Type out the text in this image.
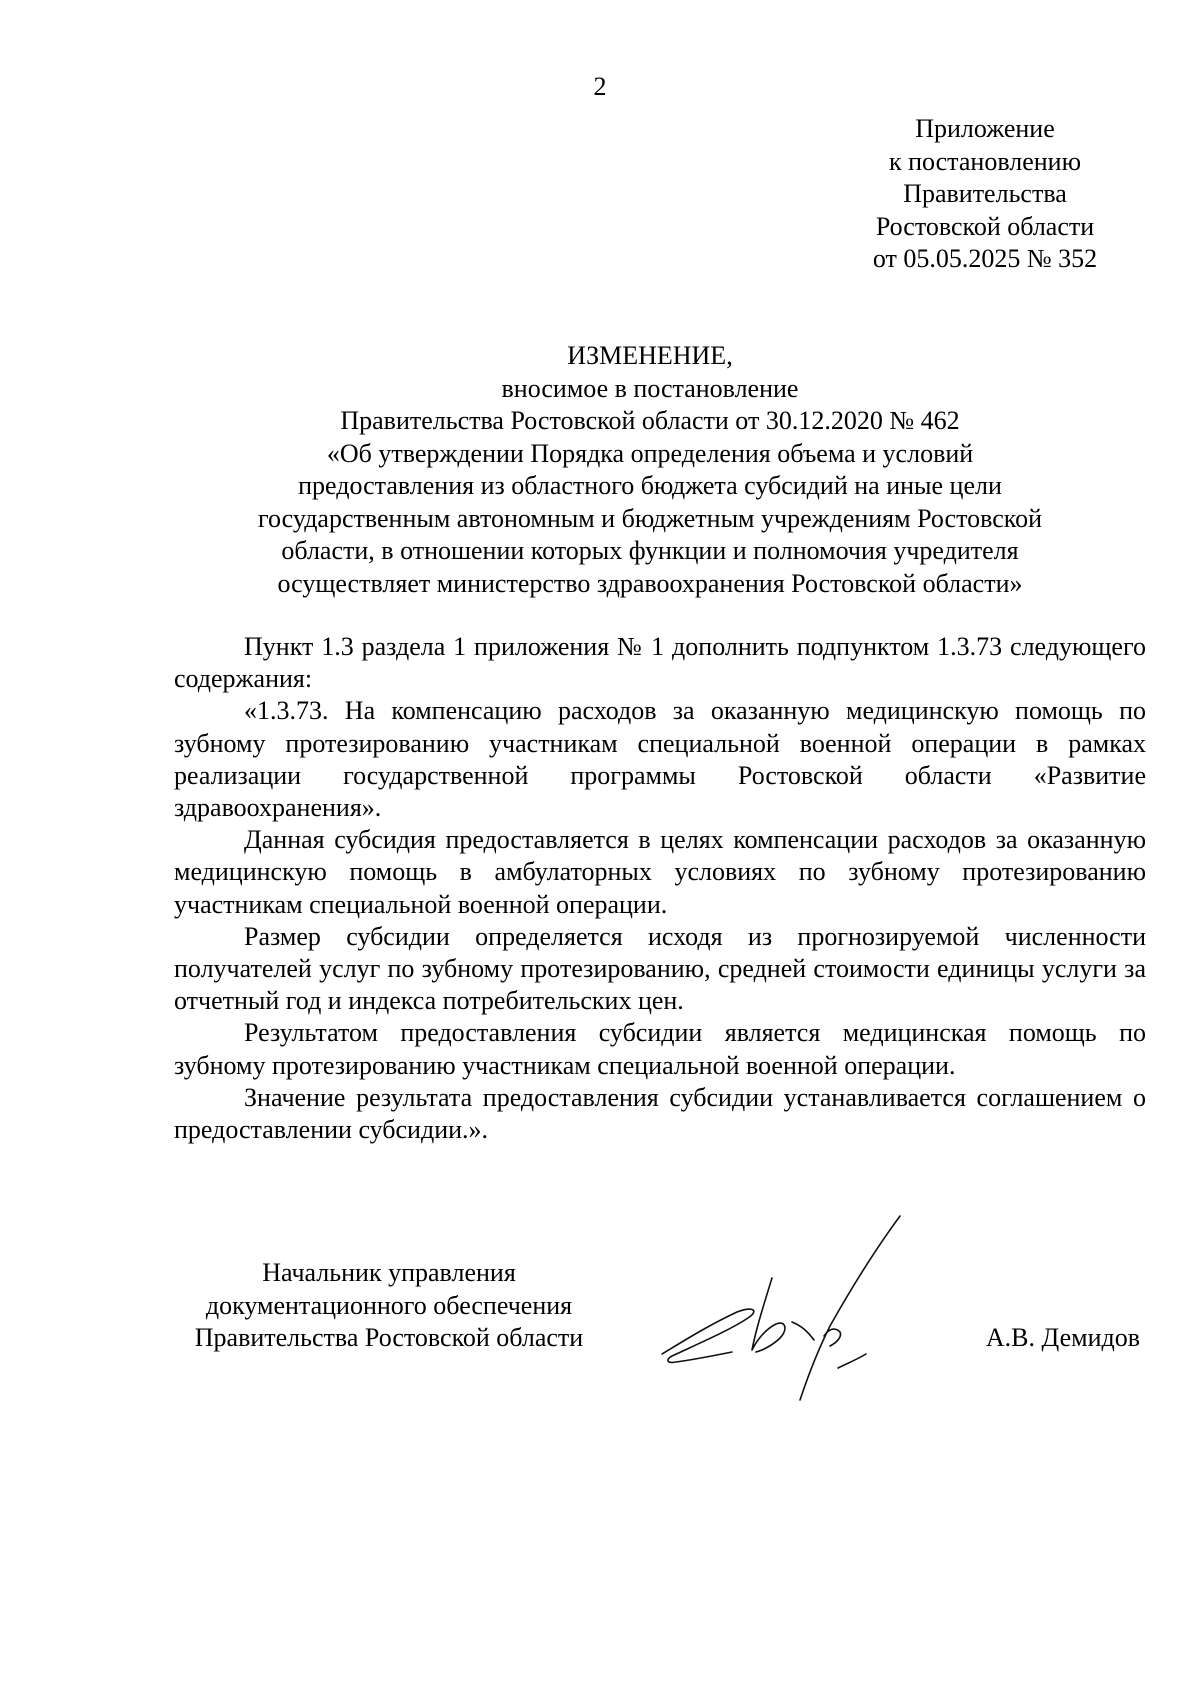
2
Приложение
к постановлению
Правительства
Ростовской области
от 05.05.2025 № 352
ИЗМЕНЕНИЕ,
вносимое в постановление
Правительства Ростовской области от 30.12.2020 № 462
«Об утверждении Порядка определения объема и условий
предоставления из областного бюджета субсидий на иные цели
государственным автономным и бюджетным учреждениям Ростовской
области, в отношении которых функции и полномочия учредителя
осуществляет министерство здравоохранения Ростовской области»

Пункт 1.3 раздела 1 приложения № 1 дополнить подпунктом 1.3.73 следующего содержания:

«1.3.73. На компенсацию расходов за оказанную медицинскую помощь по зубному протезированию участникам специальной военной операции в рамках реализации государственной программы Ростовской области «Развитие здравоохранения».

Данная субсидия предоставляется в целях компенсации расходов за оказанную медицинскую помощь в амбулаторных условиях по зубному протезированию участникам специальной военной операции.

Размер субсидии определяется исходя из прогнозируемой численности получателей услуг по зубному протезированию, средней стоимости единицы услуги за отчетный год и индекса потребительских цен.

Результатом предоставления субсидии является медицинская помощь по зубному протезированию участникам специальной военной операции.

Значение результата предоставления субсидии устанавливается соглашением о предоставлении субсидии.».

Начальник управления
документационного обеспечения
Правительства Ростовской области	А.В. Демидов
